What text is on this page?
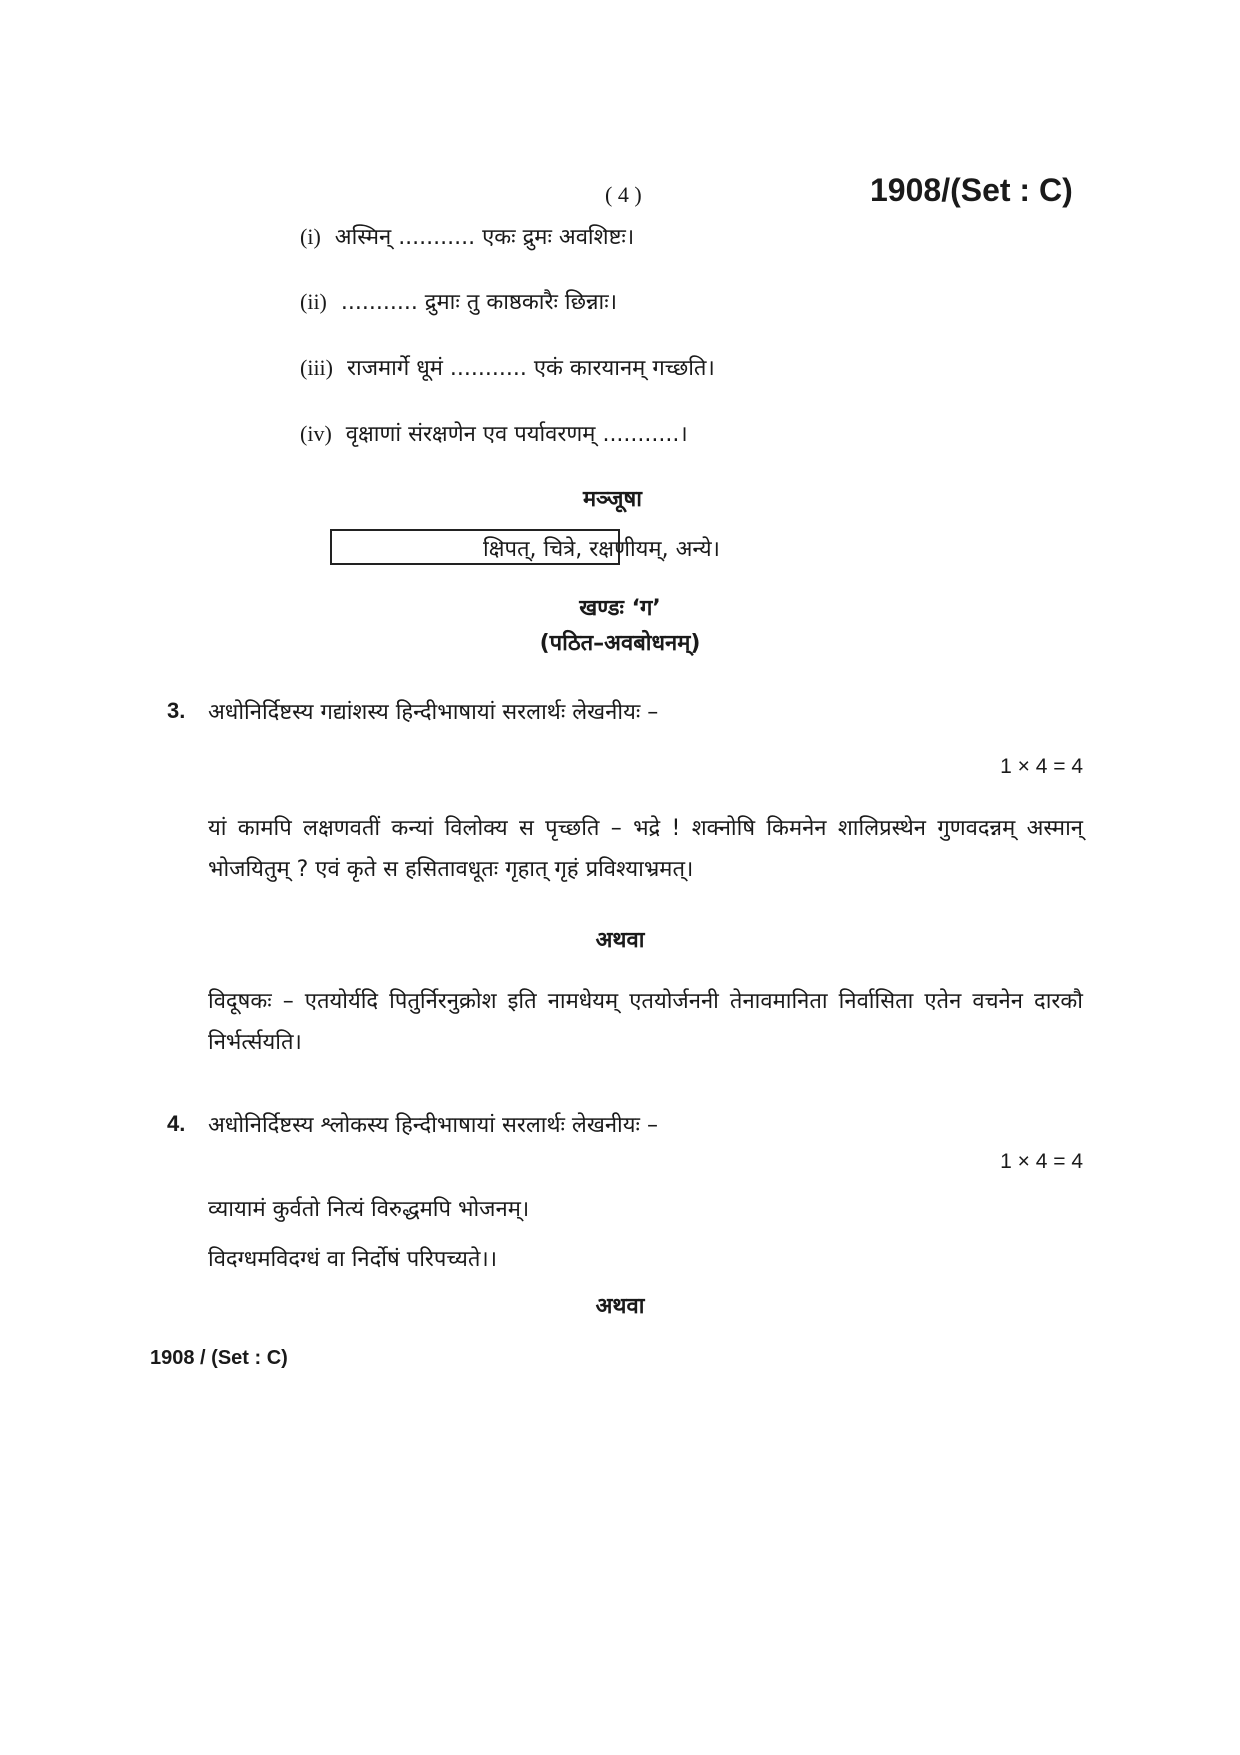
( 4 )	1908/(Set : C)
(i) अस्मिन् ........... एकः द्रुमः अवशिष्टः।
(ii) ........... द्रुमाः तु काष्ठकारैः छिन्नाः।
(iii) राजमार्गे धूमं ........... एकं कारयानम् गच्छति।
(iv) वृक्षाणां संरक्षणेन एव पर्यावरणम् ...........।
मञ्जूषा
क्षिपत्, चित्रे, रक्षणीयम्, अन्ये।
खण्डः ‘ग’
(पठित–अवबोधनम्)
3. अधोनिर्दिष्टस्य गद्यांशस्य हिन्दीभाषायां सरलार्थः लेखनीयः –
1 × 4 = 4
यां कामपि लक्षणवतीं कन्यां विलोक्य स पृच्छति – भद्रे ! शक्नोषि किमनेन शालिप्रस्थेन गुणवदन्नम् अस्मान् भोजयितुम् ? एवं कृते स हसितावधूतः गृहात् गृहं प्रविश्याभ्रमत्।
अथवा
विदूषकः – एतयोर्यदि पितुर्निरनुक्रोश इति नामधेयम् एतयोर्जननी तेनावमानिता निर्वासिता एतेन वचनेन दारकौ निर्भर्त्सयति।
4. अधोनिर्दिष्टस्य श्लोकस्य हिन्दीभाषायां सरलार्थः लेखनीयः –
1 × 4 = 4
व्यायामं कुर्वतो नित्यं विरुद्धमपि भोजनम्।
विदग्धमविदग्धं वा निर्दोषं परिपच्यते।।
अथवा
1908 / (Set : C)
